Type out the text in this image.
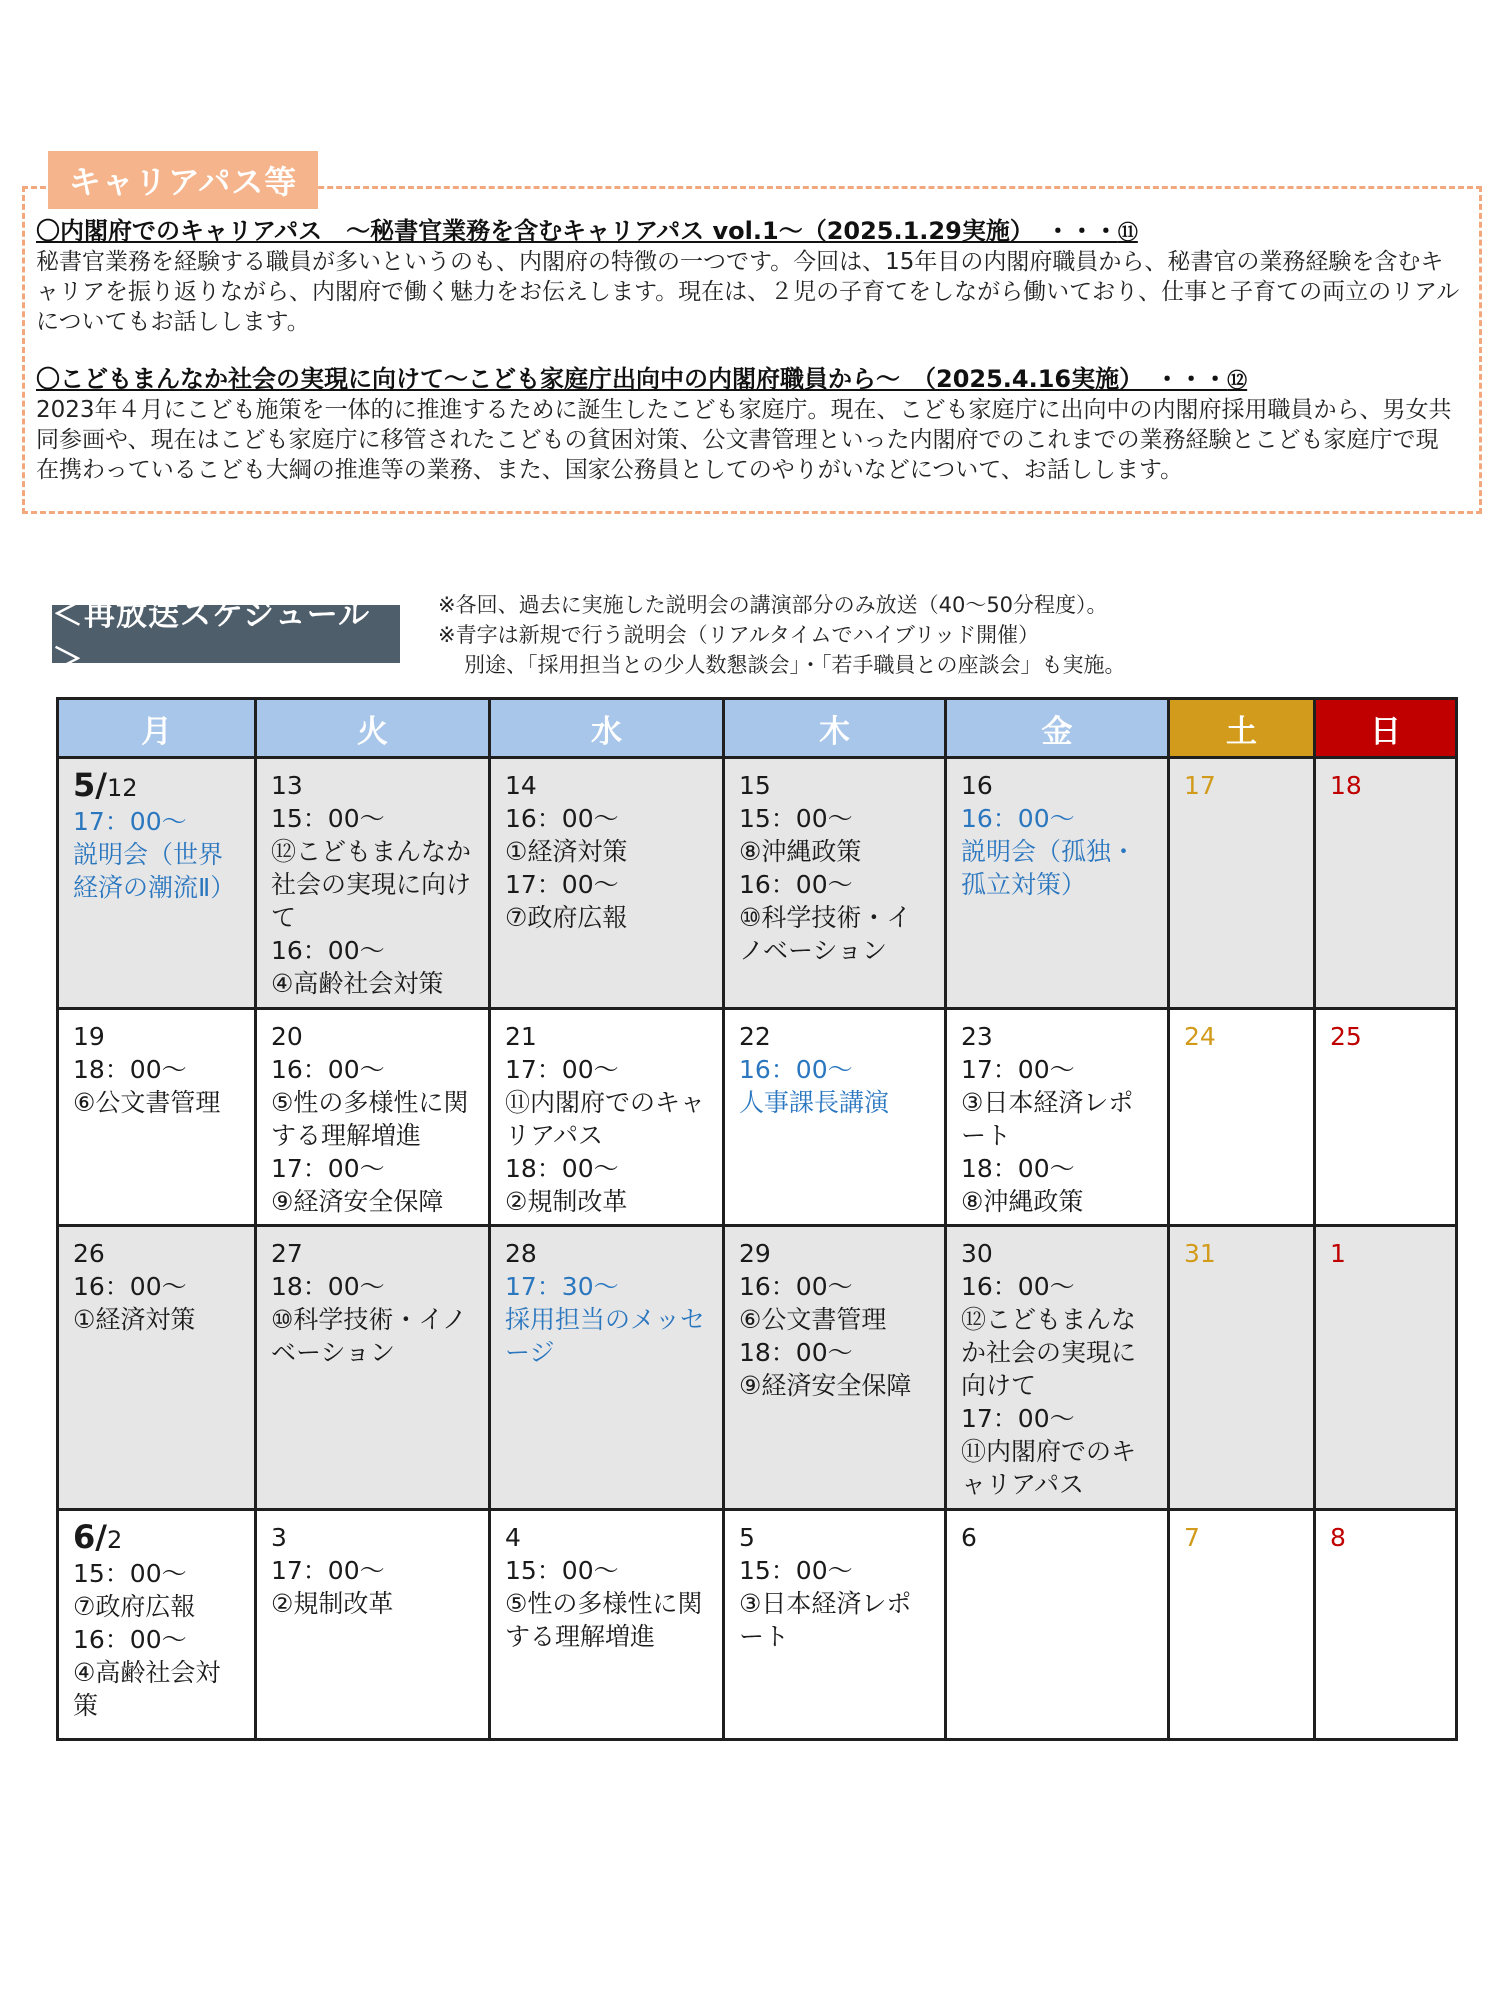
キャリアパス等
〇内閣府でのキャリアパス　～秘書官業務を含むキャリアパス vol.1～（2025.1.29実施）　・・・⑪
秘書官業務を経験する職員が多いというのも、内閣府の特徴の一つです。今回は、15年目の内閣府職員から、秘書官の業務経験を含むキャリアを振り返りながら、内閣府で働く魅力をお伝えします。現在は、２児の子育てをしながら働いており、仕事と子育ての両立のリアルについてもお話しします。
〇こどもまんなか社会の実現に向けて～こども家庭庁出向中の内閣府職員から～　（2025.4.16実施）　・・・⑫
2023年４月にこども施策を一体的に推進するために誕生したこども家庭庁。現在、こども家庭庁に出向中の内閣府採用職員から、男女共同参画や、現在はこども家庭庁に移管されたこどもの貧困対策、公文書管理といった内閣府でのこれまでの業務経験とこども家庭庁で現在携わっているこども大綱の推進等の業務、また、国家公務員としてのやりがいなどについて、お話しします。
＜再放送スケジュール＞
※各回、過去に実施した説明会の講演部分のみ放送（40～50分程度）。
※青字は新規で行う説明会（リアルタイムでハイブリッド開催）
別途、「採用担当との少人数懇談会」・「若手職員との座談会」も実施。
月	火	水	木	金	土	日

5/12
17：00～
説明会（世界経済の潮流Ⅱ）	13
15：00～
⑫こどもまんなか社会の実現に向けて
16：00～
④高齢社会対策	14
16：00～
①経済対策
17：00～
⑦政府広報	15
15：00～
⑧沖縄政策
16：00～
⑩科学技術・イノベーション	16
16：00～
説明会（孤独・孤立対策）	17	18

19
18：00～
⑥公文書管理	20
16：00～
⑤性の多様性に関する理解増進
17：00～
⑨経済安全保障	21
17：00～
⑪内閣府でのキャリアパス
18：00～
②規制改革	22
16：00～
人事課長講演	23
17：00～
③日本経済レポート
18：00～
⑧沖縄政策	24	25

26
16：00～
①経済対策	27
18：00～
⑩科学技術・イノベーション	28
17：30～
採用担当のメッセージ	29
16：00～
⑥公文書管理
18：00～
⑨経済安全保障	30
16：00～
⑫こどもまんなか社会の実現に向けて
17：00～
⑪内閣府でのキャリアパス	31	1

6/2
15：00～
⑦政府広報
16：00～
④高齢社会対策	3
17：00～
②規制改革	4
15：00～
⑤性の多様性に関する理解増進	5
15：00～
③日本経済レポート	6	7	8
